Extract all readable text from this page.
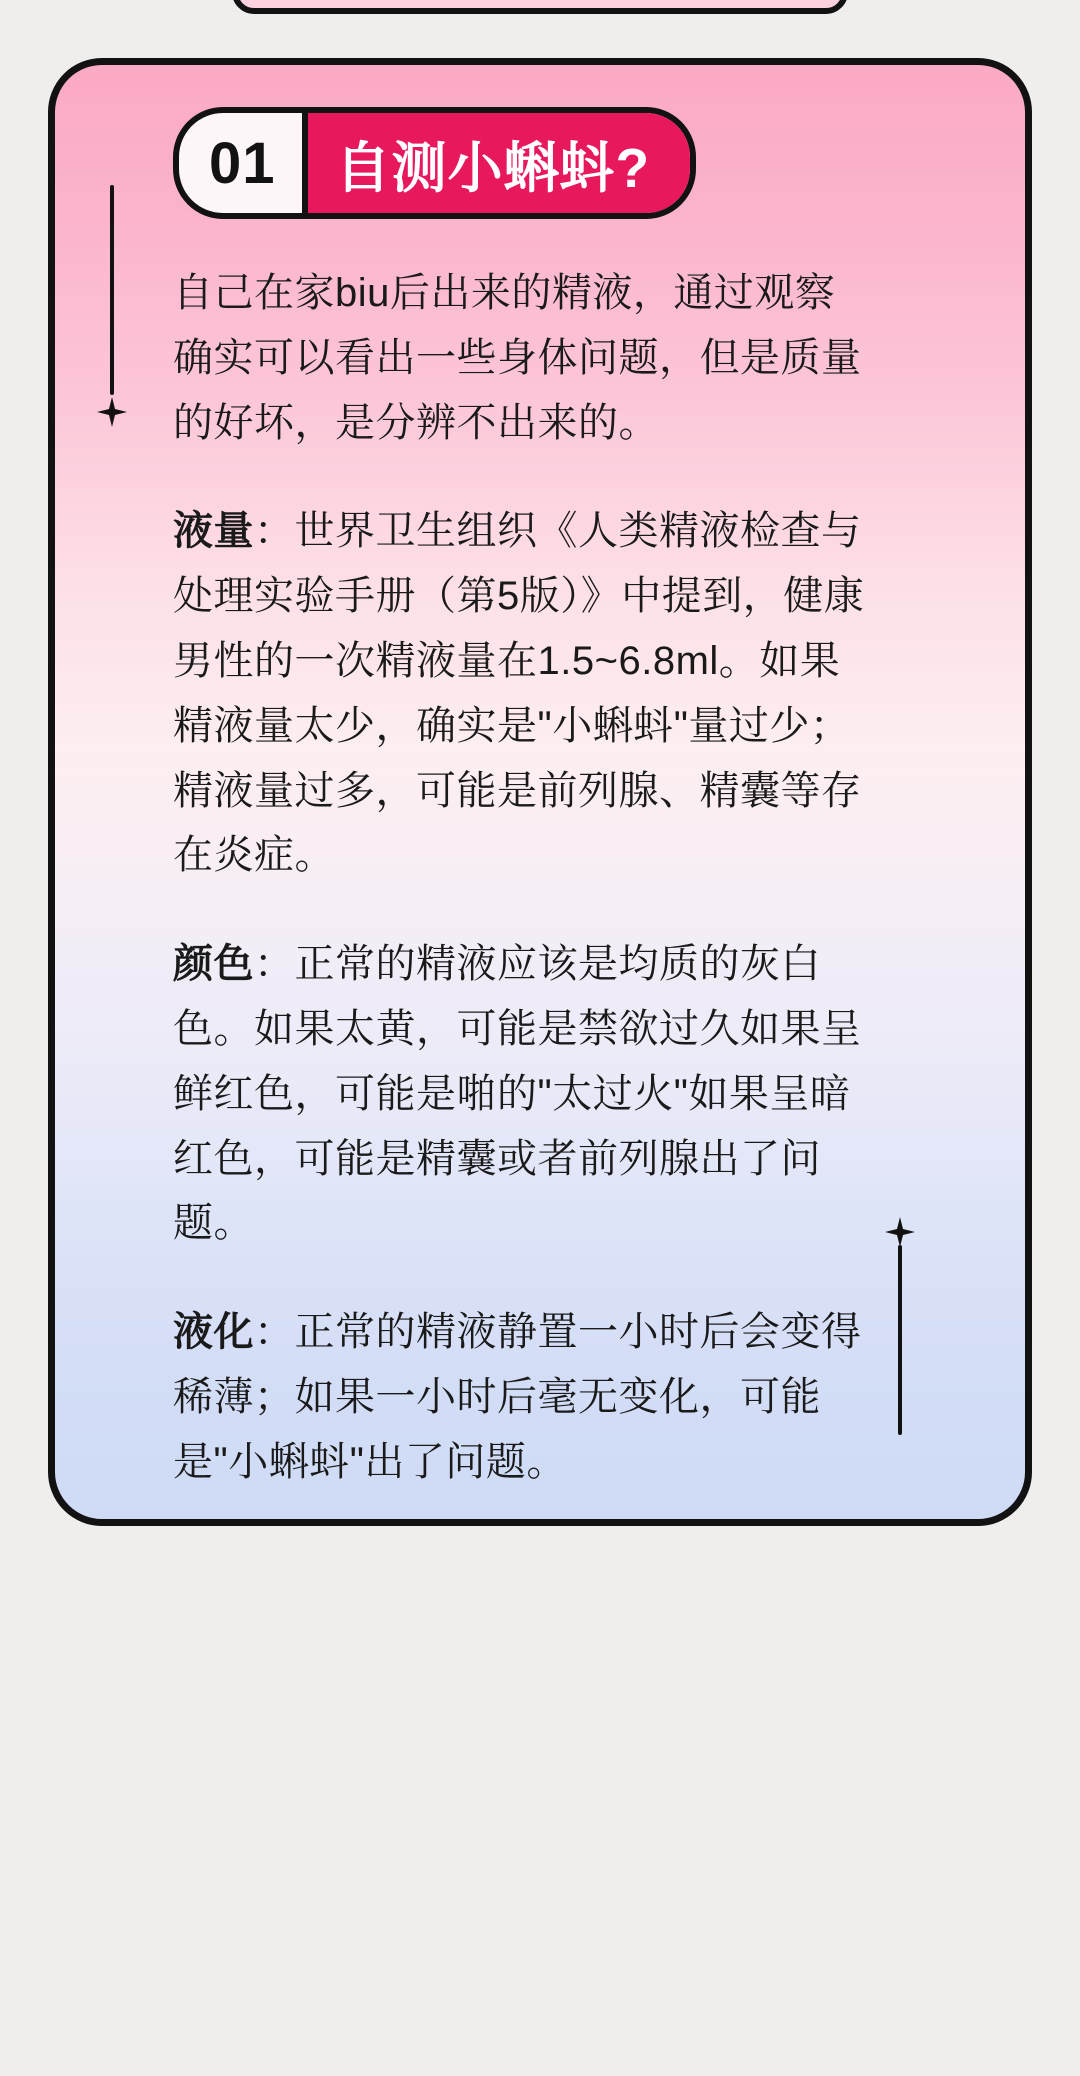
01	自测小蝌蚪?
自己在家biu后出来的精液，通过观察确实可以看出一些身体问题，但是质量的好坏，是分辨不出来的。
液量：世界卫生组织《人类精液检查与处理实验手册（第5版）》中提到，健康男性的一次精液量在1.5~6.8ml。如果精液量太少，确实是"小蝌蚪"量过少；精液量过多，可能是前列腺、精囊等存在炎症。
颜色：正常的精液应该是均质的灰白色。如果太黄，可能是禁欲过久如果呈鲜红色，可能是啪的"太过火"如果呈暗红色，可能是精囊或者前列腺出了问题。
液化：正常的精液静置一小时后会变得稀薄；如果一小时后毫无变化，可能是"小蝌蚪"出了问题。
